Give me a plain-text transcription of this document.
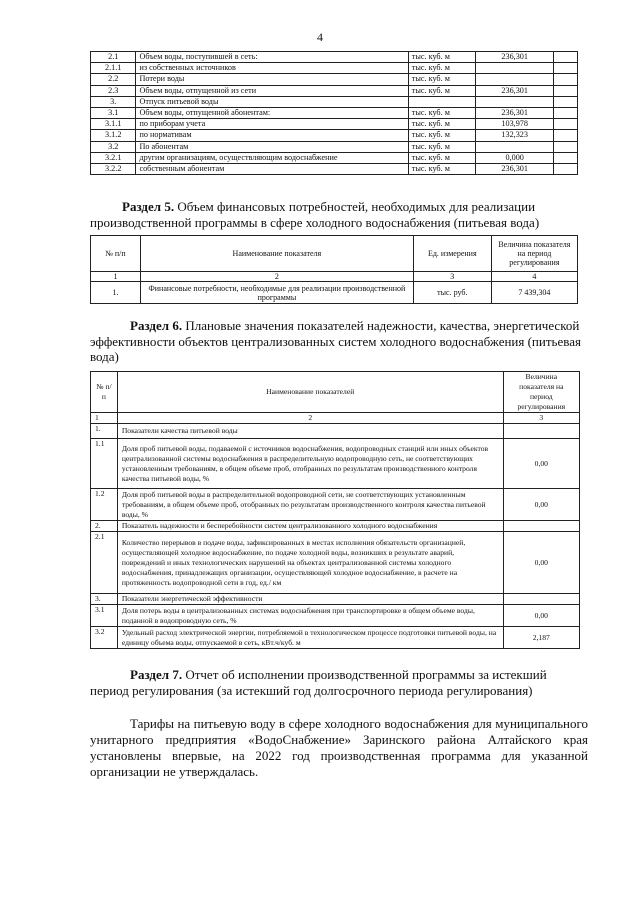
4
2.1	Объем воды, поступившей в сеть:	тыс. куб. м	236,301	
2.1.1	из собственных источников	тыс. куб. м		
2.2	Потери воды	тыс. куб. м		
2.3	Объем воды, отпущенной из сети	тыс. куб. м	236,301	
3.	Отпуск питьевой воды			
3.1	Объем воды, отпущенной абонентам:	тыс. куб. м	236,301	
3.1.1	по приборам учета	тыс. куб. м	103,978	
3.1.2	по нормативам	тыс. куб. м	132,323	
3.2	По абонентам	тыс. куб. м		
3.2.1	другим организациям, осуществляющим водоснабжение	тыс. куб. м	0,000	
3.2.2	собственным абонентам	тыс. куб. м	236,301	
Раздел 5. Объем финансовых потребностей, необходимых для реализации производственной программы в сфере холодного водоснабжения (питьевая вода)
№ п/п	Наименование показателя	Ед. измерения	Величина показателя на период регулирования
1	2	3	4
1.	Финансовые потребности, необходимые для реализации производственной программы	тыс. руб.	7 439,304
Раздел 6. Плановые значения показателей надежности, качества, энергетической эффективности объектов централизованных систем холодного водоснабжения (питьевая вода)
№ п/п	Наименование показателей	Величина показателя на период регулирования
1	2	3
1.	Показатели качества питьевой воды	
1.1	Доля проб питьевой воды, подаваемой с источников водоснабжения, водопроводных станций или иных объектов централизованной системы водоснабжения в распределительную водопроводную сеть, не соответствующих установленным требованиям, в общем объеме проб, отобранных по результатам производственного контроля качества питьевой воды, %	0,00
1.2	Доля проб питьевой воды в распределительной водопроводной сети, не соответствующих установленным требованиям, в общем объеме проб, отобранных по результатам производственного контроля качества питьевой воды, %	0,00
2.	Показатель надежности и бесперебойности систем централизованного холодного водоснабжения	
2.1	Количество перерывов в подаче воды, зафиксированных в местах исполнения обязательств организацией, осуществляющей холодное водоснабжение, по подаче холодной воды, возникших в результате аварий, повреждений и иных технологических нарушений на объектах централизованной системы холодного водоснабжения, принадлежащих организации, осуществляющей холодное водоснабжение, в расчете на протяженность водопроводной сети в год, ед./ км	0,00
3.	Показатели энергетической эффективности	
3.1	Доля потерь воды в централизованных системах водоснабжения при транспортировке в общем объеме воды, поданной в водопроводную сеть, %	0,00
3.2	Удельный расход электрической энергии, потребляемой в технологическом процессе подготовки питьевой воды, на единицу объема воды, отпускаемой в сеть, кВт.ч/куб. м	2,187
Раздел 7. Отчет об исполнении производственной программы за истекший период регулирования (за истекший год долгосрочного периода регулирования)
Тарифы на питьевую воду в сфере холодного водоснабжения для муниципального унитарного предприятия «ВодоСнабжение» Заринского района Алтайского края установлены впервые, на 2022 год производственная программа для указанной организации не утверждалась.
